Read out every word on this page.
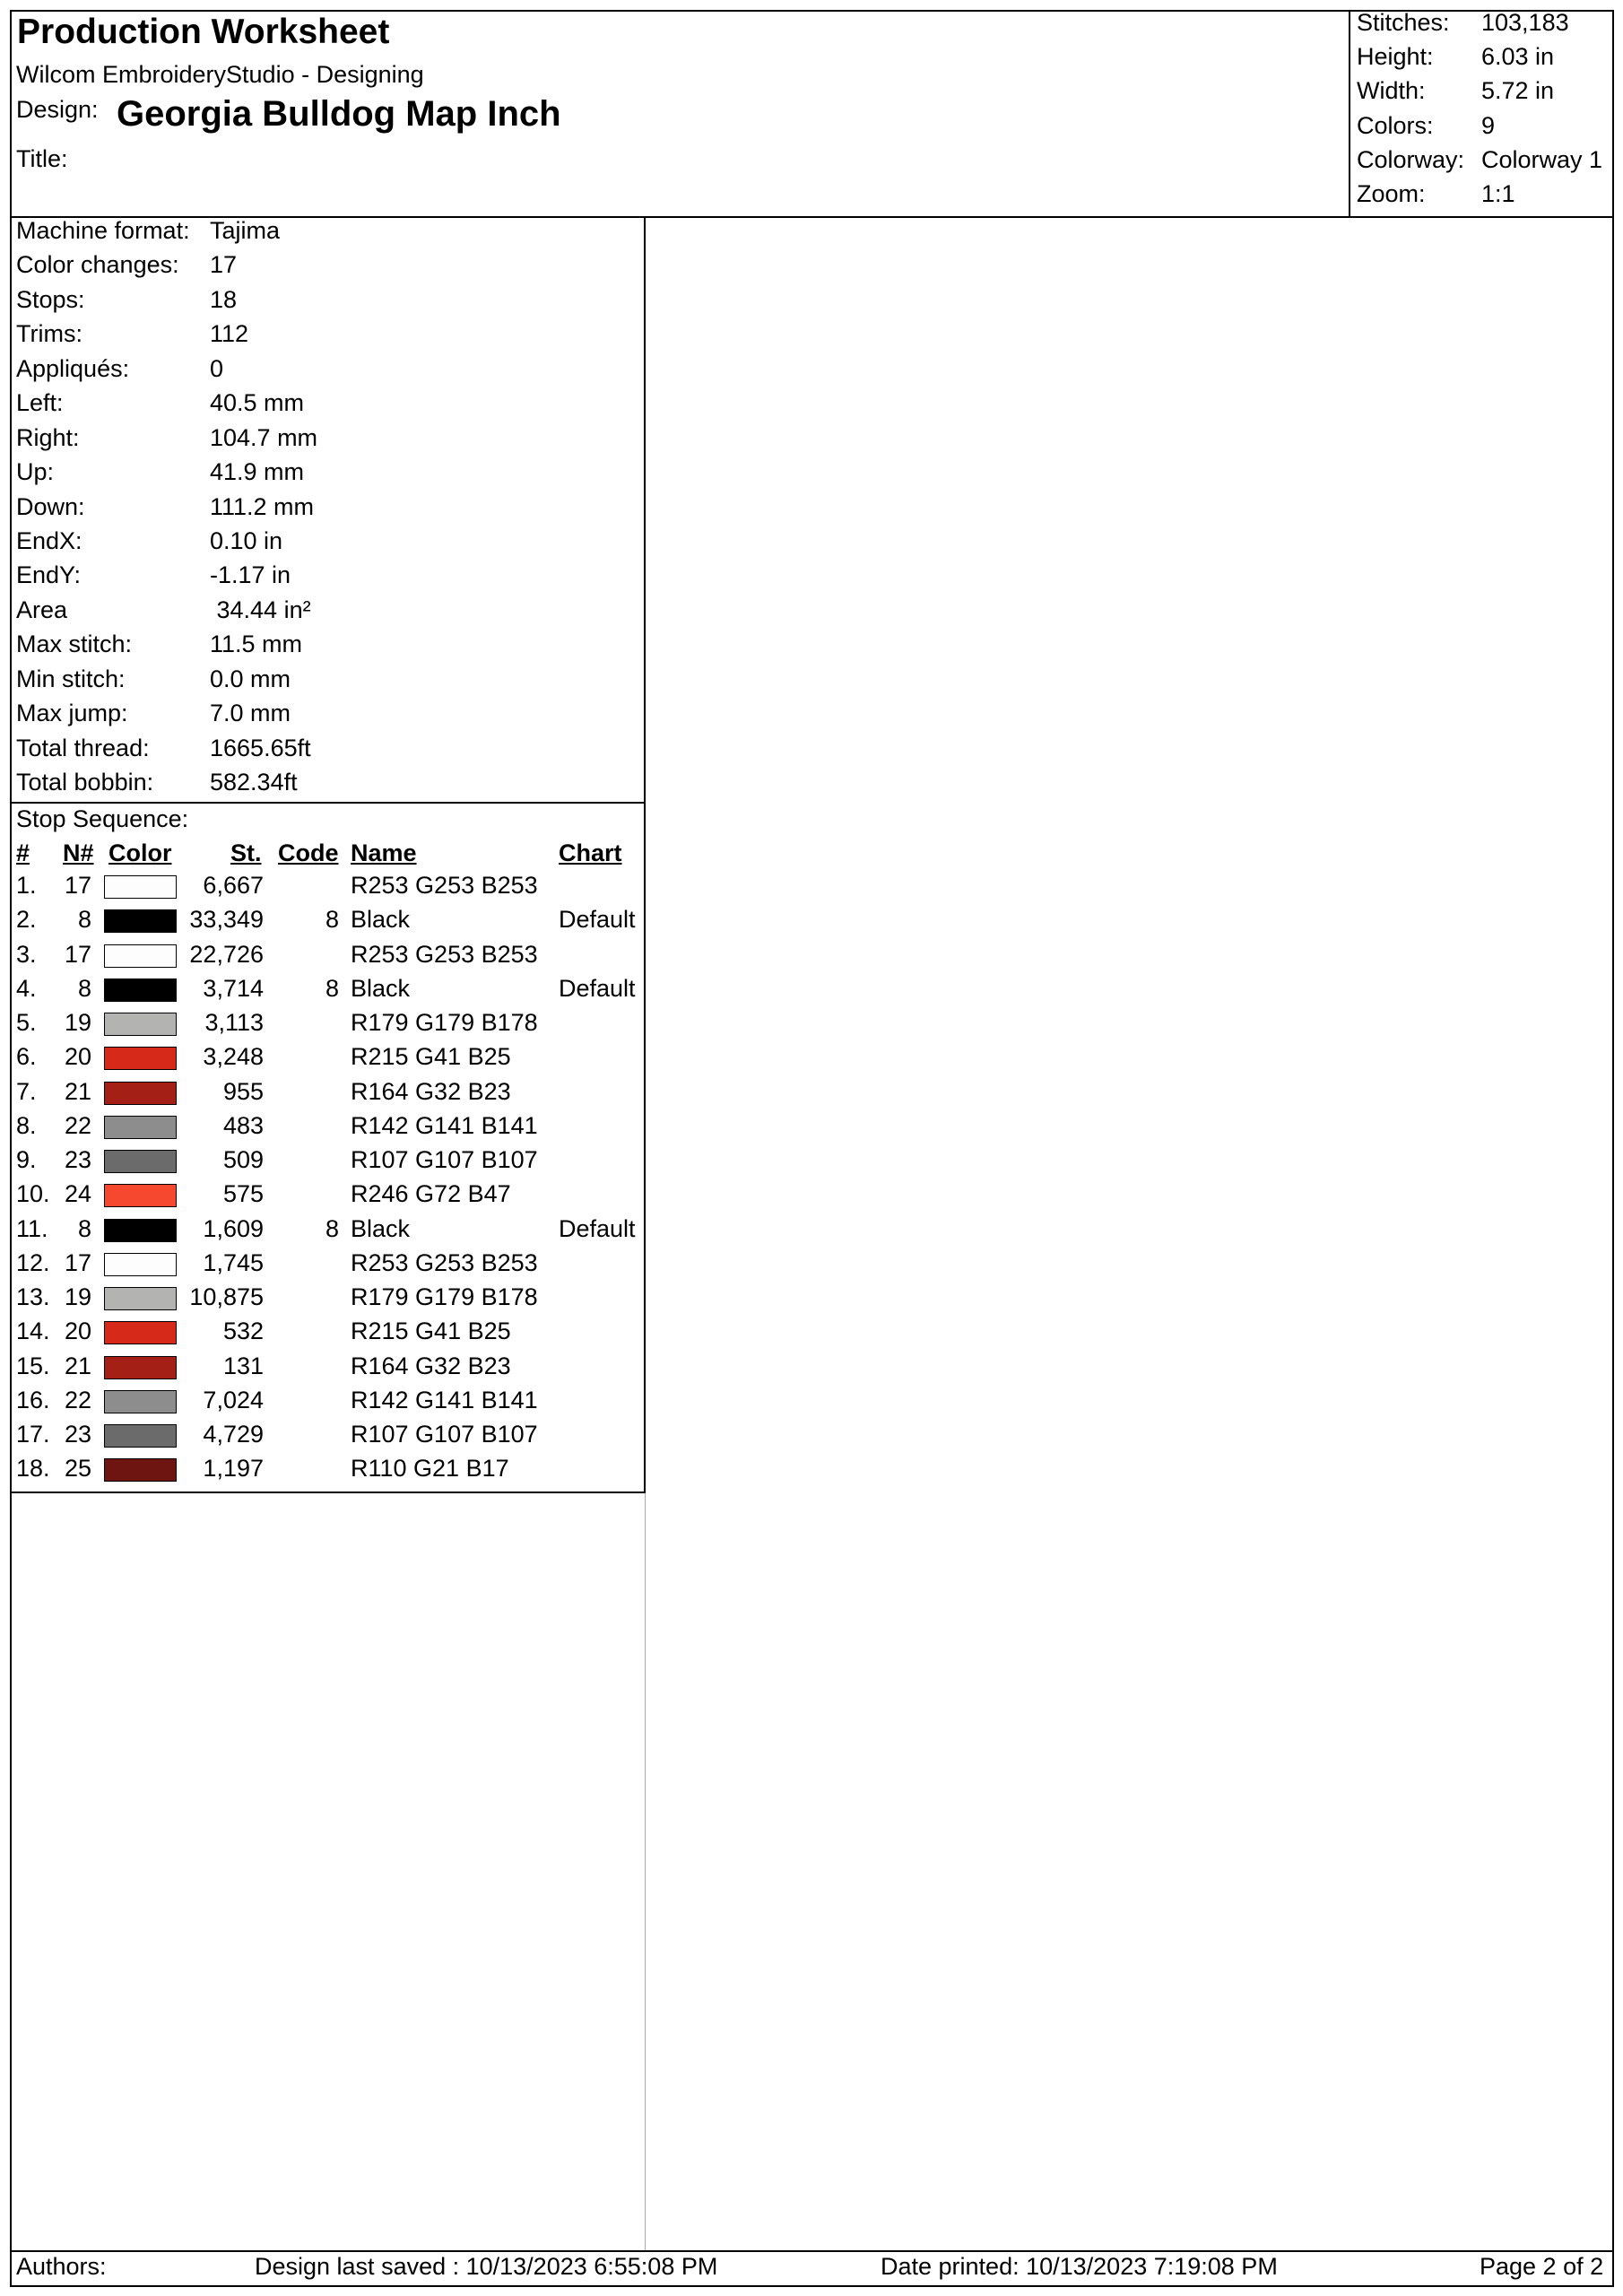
Production Worksheet
Wilcom EmbroideryStudio - Designing
Design: Georgia Bulldog Map Inch
Title:
Stitches: 103,183
Height: 6.03 in
Width: 5.72 in
Colors: 9
Colorway: Colorway 1
Zoom: 1:1
Machine format: Tajima
Color changes: 17
Stops:	18
Trims:	112
Appliqués:	0
Left:	40.5 mm
Right:	104.7 mm
Up:	41.9 mm
Down:	111.2 mm
EndX:	0.10 in
EndY:	-1.17 in
Area	34.44 in²
Max stitch:	11.5 mm
Min stitch:	0.0 mm
Max jump:	7.0 mm
Total thread: 1665.65ft
Total bobbin: 582.34ft
Stop Sequence:
# N# Color St. Code Name	Chart
1. 17	6,667	R253 G253 B253
2.	8	33,349	8 Black	Default
3. 17	22,726	R253 G253 B253
4.	8	3,714	8 Black	Default
5. 19	3,113	R179 G179 B178
6. 20	3,248	R215 G41 B25
7. 21	955	R164 G32 B23
8. 22	483	R142 G141 B141
9. 23	509	R107 G107 B107
10. 24	575	R246 G72 B47
11.	8	1,609	8 Black	Default
12. 17	1,745	R253 G253 B253
13. 19	10,875	R179 G179 B178
14. 20	532	R215 G41 B25
15. 21	131	R164 G32 B23
16. 22	7,024	R142 G141 B141
17. 23	4,729	R107 G107 B107
18. 25	1,197	R110 G21 B17
Authors:	Design last saved : 10/13/2023 6:55:08 PM	Date printed: 10/13/2023 7:19:08 PM	Page 2 of 2
